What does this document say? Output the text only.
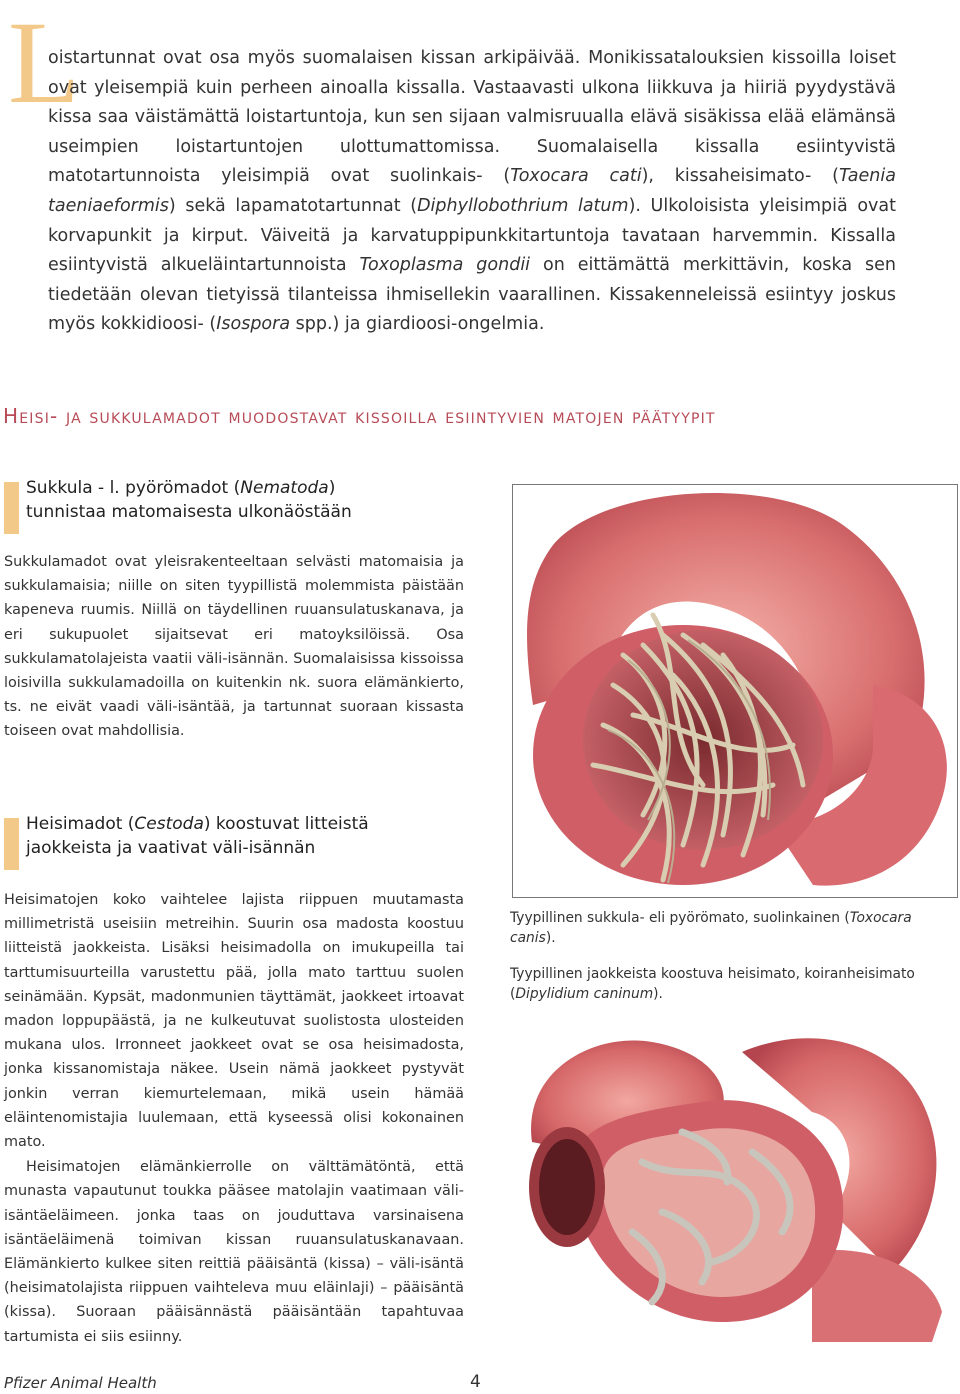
L

oistartunnat ovat osa myös suomalaisen kissan arkipäivää. Monikissatalouksien kissoilla loiset ovat yleisempiä kuin perheen ainoalla kissalla. Vastaavasti ulkona liikkuva ja hiiriä pyydystävä kissa saa väistämättä loistartuntoja, kun sen sijaan valmisruualla elävä sisäkissa elää elämänsä useimpien loistartuntojen ulottumattomissa. Suomalaisella kissalla esiintyvistä matotartunnoista yleisimpiä ovat suolinkais- (Toxocara cati), kissaheisimato- (Taenia taeniaeformis) sekä lapamatotartunnat (Diphyllobothrium latum). Ulkoloisista yleisimpiä ovat korvapunkit ja kirput. Väiveitä ja karvatuppipunkkitartuntoja tavataan harvemmin. Kissalla esiintyvistä alkueläintartunnoista Toxoplasma gondii on eittämättä merkittävin, koska sen tiedetään olevan tietyissä tilanteissa ihmisellekin vaarallinen. Kissakenneleissä esiintyy joskus myös kokkidioosi- (Isospora spp.) ja giardioosi-ongelmia.

Heisi- ja sukkulamadot muodostavat kissoilla esiintyvien matojen päätyypit
Sukkula - l. pyörömadot (Nematoda)
tunnistaa matomaisesta ulkonäöstään

Sukkulamadot ovat yleisrakenteeltaan selvästi matomaisia ja sukkulamaisia; niille on siten tyypillistä molemmista päistään kapeneva ruumis. Niillä on täydellinen ruuansulatuskanava, ja eri sukupuolet sijaitsevat eri matoyksilöissä. Osa sukkulamatolajeista vaatii väli-isännän. Suomalaisissa kissoissa loisivilla sukkulamadoilla on kuitenkin nk. suora elämänkierto, ts. ne eivät vaadi väli-isäntää, ja tartunnat suoraan kissasta toiseen ovat mahdollisia.

Tyypillinen sukkula- eli pyörömato, suolinkainen (Toxocara canis).
Tyypillinen jaokkeista koostuva heisimato, koiranheisimato (Dipylidium caninum).
Heisimadot (Cestoda) koostuvat litteistä
jaokkeista ja vaativat väli-isännän

Heisimatojen koko vaihtelee lajista riippuen muutamasta millimetristä useisiin metreihin. Suurin osa madosta koostuu liitteistä jaokkeista. Lisäksi heisimadolla on imukupeilla tai tarttumisuurteilla varustettu pää, jolla mato tarttuu suolen seinämään. Kypsät, madonmunien täyttämät, jaokkeet irtoavat madon loppupäästä, ja ne kulkeutuvat suolistosta ulosteiden mukana ulos. Irronneet jaokkeet ovat se osa heisimadosta, jonka kissanomistaja näkee. Usein nämä jaokkeet pystyvät jonkin verran kiemurtelemaan, mikä usein hämää eläintenomistajia luulemaan, että kyseessä olisi kokonainen mato.

Heisimatojen elämänkierrolle on välttämätöntä, että munasta vapautunut toukka pääsee matolajin vaatimaan väli-isäntäeläimeen. jonka taas on jouduttava varsinaisena isäntäeläimenä toimivan kissan ruuansulatuskanavaan. Elämänkierto kulkee siten reittiä pääisäntä (kissa) – väli-isäntä (heisimatolajista riippuen vaihteleva muu eläinlaji) – pääisäntä (kissa). Suoraan pääisännästä pääisäntään tapahtuvaa tartumista ei siis esiinny.

Pfizer Animal Health	4
